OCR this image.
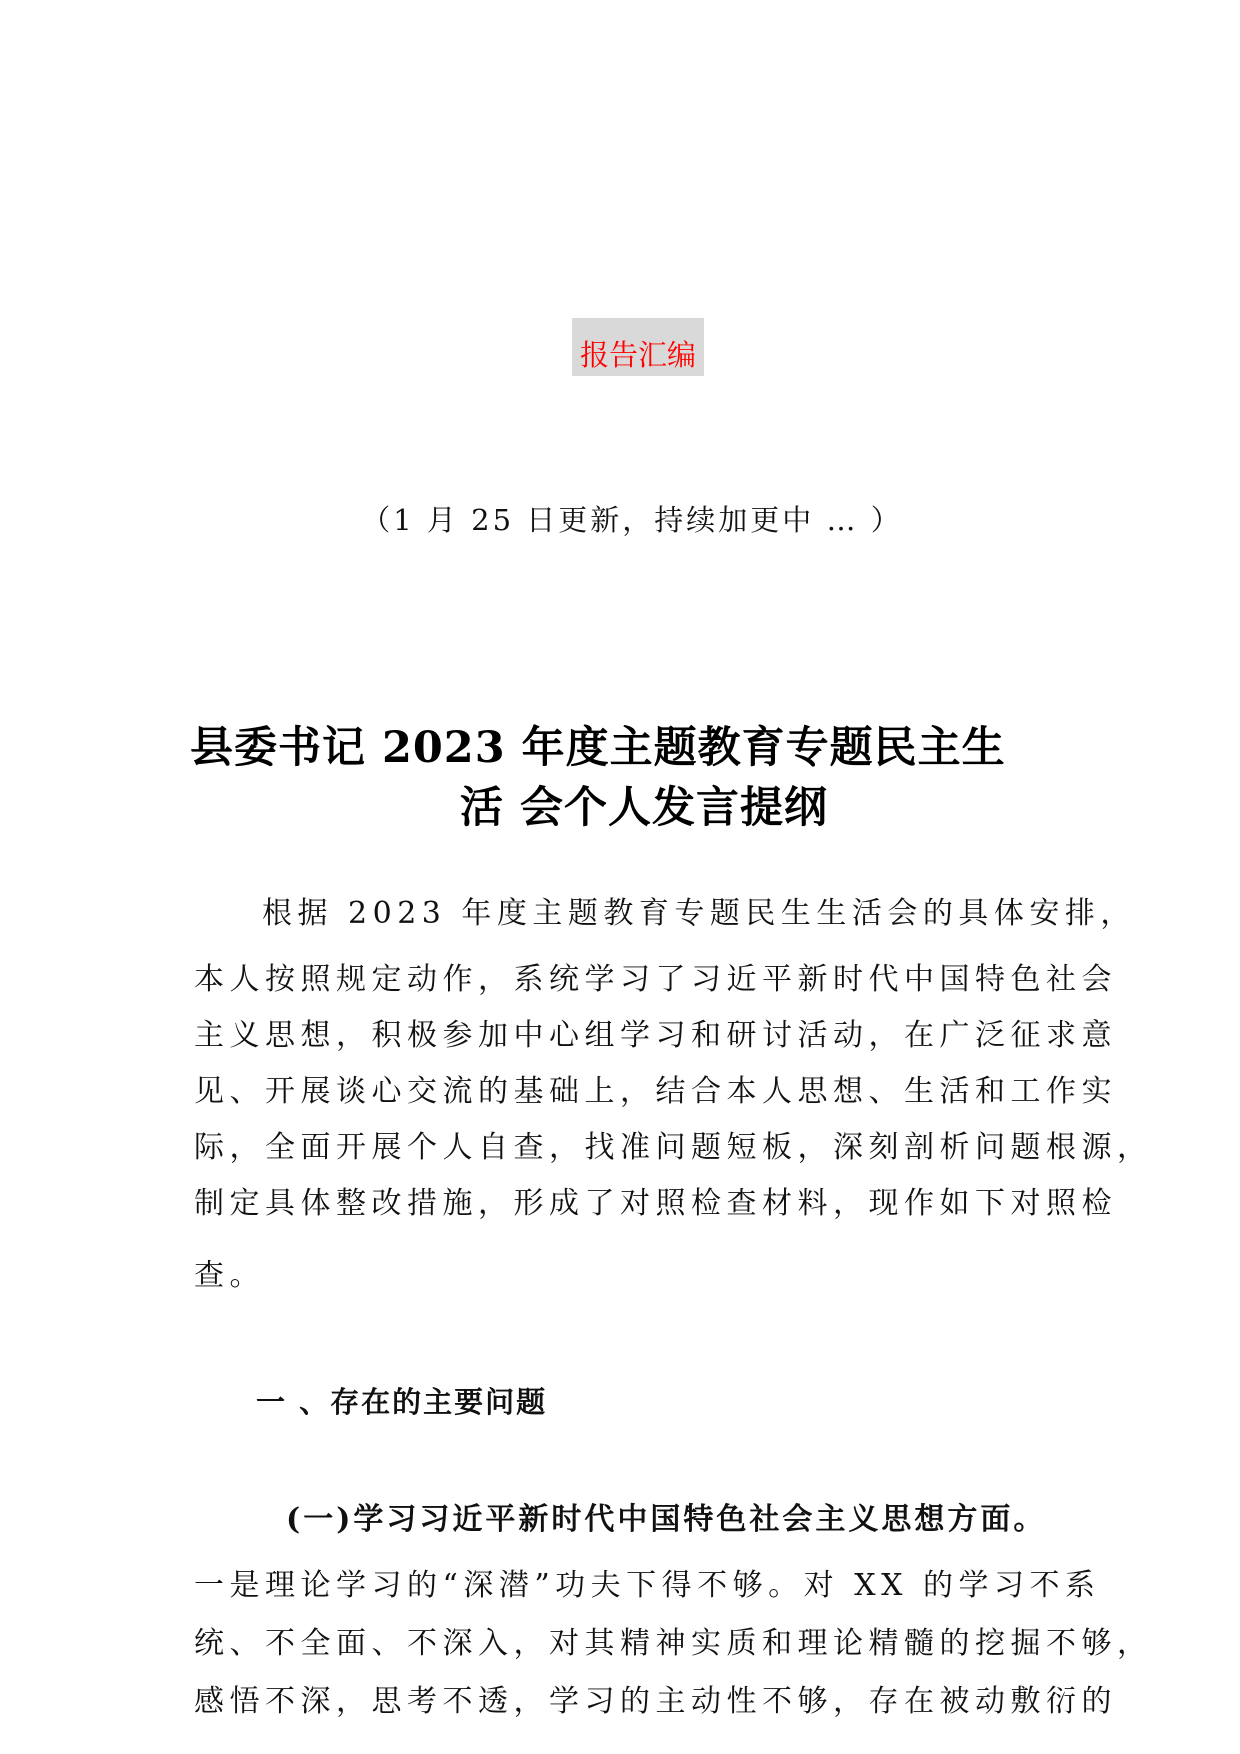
报告汇编
（1 月 25 日更新，持续加更中 … ）
县委书记 2023 年度主题教育专题民主生
活 会个人发言提纲
根据 2023 年度主题教育专题民生生活会的具体安排，
本人按照规定动作，系统学习了习近平新时代中国特色社会
主义思想，积极参加中心组学习和研讨活动，在广泛征求意
见、开展谈心交流的基础上，结合本人思想、生活和工作实
际，全面开展个人自查，找准问题短板，深刻剖析问题根源，
制定具体整改措施，形成了对照检查材料，现作如下对照检
查。
一 、存在的主要问题
(一)学习习近平新时代中国特色社会主义思想方面。
一是理论学习的“深潜”功夫下得不够。对 XX 的学习不系
统、不全面、不深入，对其精神实质和理论精髓的挖掘不够，
感悟不深，思考不透，学习的主动性不够，存在被动敷衍的
